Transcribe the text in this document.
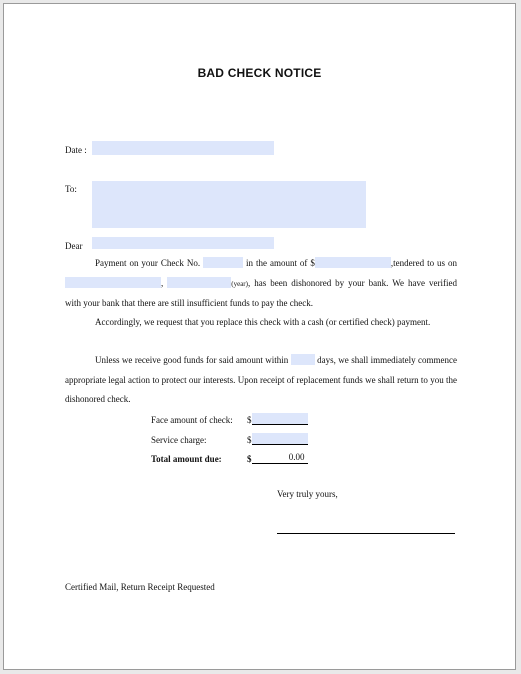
BAD CHECK NOTICE
Date :
To:
Dear
Payment on your Check No.	in the amount of $	,tendered to us on ,	(year), has been dishonored by your bank. We have verified with your bank that there are still insufficient funds to pay the check.
Accordingly, we request that you replace this check with a cash (or certified check) payment.
Unless we receive good funds for said amount within	days, we shall immediately commence appropriate legal action to protect our interests. Upon receipt of replacement funds we shall return to you the dishonored check.
Face amount of check: $
Service charge:	$
Total amount due:	$	0.00
Very truly yours,
Certified Mail, Return Receipt Requested
